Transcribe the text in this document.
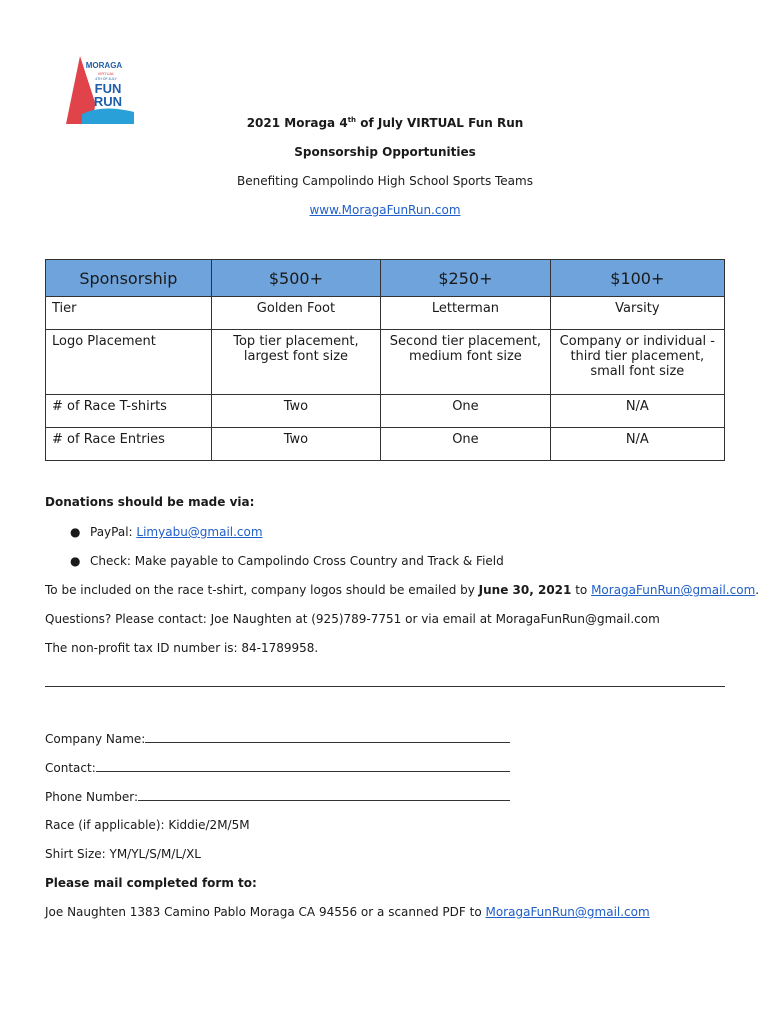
MORAGA
VIRTUAL
4TH OF JULY
FUN
RUN
2021 Moraga 4th of July VIRTUAL Fun Run
Sponsorship Opportunities
Benefiting Campolindo High School Sports Teams
www.MoragaFunRun.com
Sponsorship	$500+	$250+	$100+
Tier	Golden Foot	Letterman	Varsity
Logo Placement	Top tier placement, largest font size	Second tier placement, medium font size	Company or individual - third tier placement, small font size
# of Race T-shirts	Two	One	N/A
# of Race Entries	Two	One	N/A
Donations should be made via:
● PayPal: Limyabu@gmail.com
● Check: Make payable to Campolindo Cross Country and Track & Field
To be included on the race t-shirt, company logos should be emailed by June 30, 2021 to MoragaFunRun@gmail.com.
Questions? Please contact: Joe Naughten at (925)789-7751 or via email at MoragaFunRun@gmail.com
The non-profit tax ID number is: 84-1789958.
Company Name:
Contact:
Phone Number:
Race (if applicable): Kiddie/2M/5M
Shirt Size: YM/YL/S/M/L/XL
Please mail completed form to:
Joe Naughten 1383 Camino Pablo Moraga CA 94556 or a scanned PDF to MoragaFunRun@gmail.com
